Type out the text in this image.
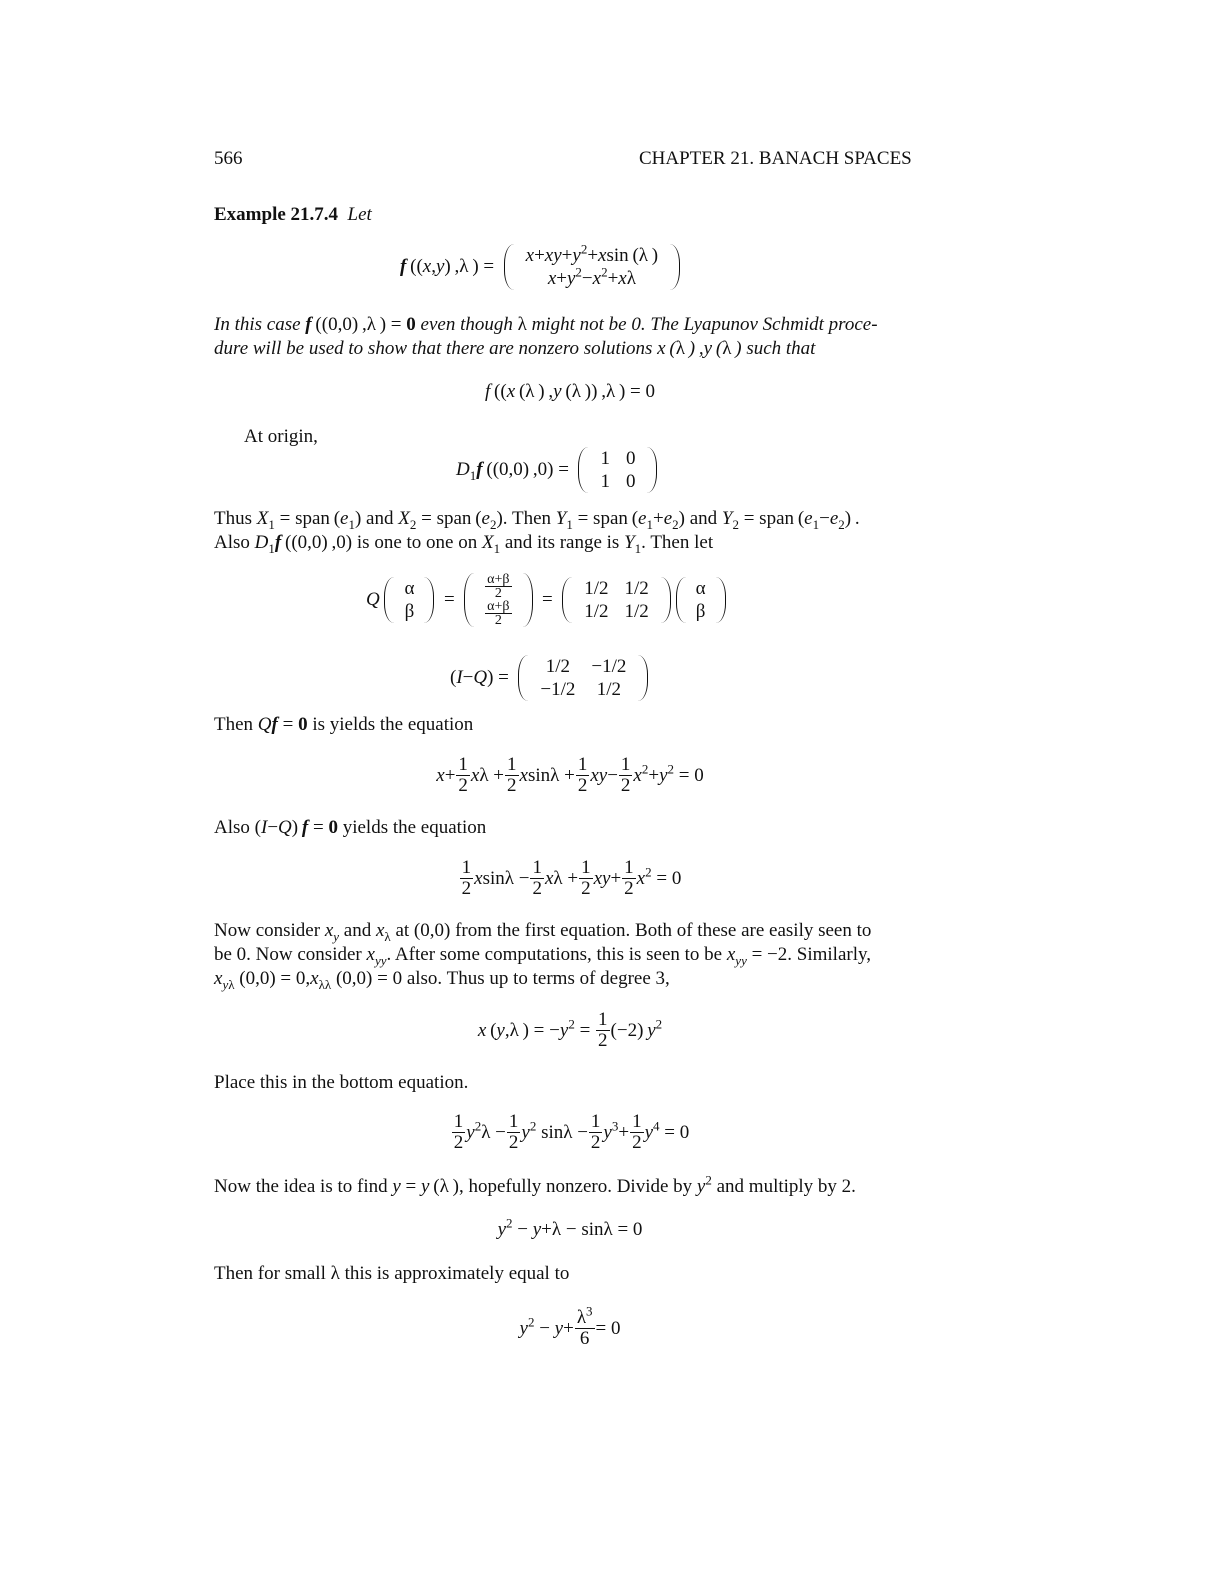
566	CHAPTER 21. BANACH SPACES
Example 21.7.4 Let
f ((x,y) ,λ ) =
$x+xy+y^2+xsin$ (λ )
$x+y^2-x^2+x\lambda$
In this case f ((0,0) ,λ ) = 0 even though λ might not be 0. The Lyapunov Schmidt proce-
dure will be used to show that there are nonzero solutions x (λ ) ,y (λ ) such that
f ((x (λ ) ,y (λ )) ,λ ) = 0
At origin,
$D_1f$ ((0,0) ,0) =
1	0
1	0
Thus $X_1$ = span $(e_1)$ and $X_2$ = span $(e_2)$. Then $Y_1$ = span $(e_1+e_2)$ and $Y_2$ = span $(e_1-e_2)$ .
Also $D_1f$ ((0,0) ,0) is one to one on $X_1$ and its range is $Y_1$. Then let
Q
α
β
= $\frac{\alpha+\beta}{2}$

$\frac{\alpha+\beta}{2}$
=
1/2	1/2
1/2	1/2

α
β
(I−Q) =
1/2	−1/2
−1/2	1/2
Then Qf = 0 is yields the equation
$x+ \frac{1}{2}$ $x\lambda + \frac{1}{2}$ $xsin\lambda + \frac{1}{2} xy- \frac{1}{2} x^2+y^2 = 0$
Also (I−Q) f = 0 yields the equation
$\frac{1}{2}$ $xsin\lambda - \frac{1}{2}$ $x\lambda + \frac{1}{2} xy+ \frac{1}{2} x^2 = 0$
Now consider $x_y$ and $x_\lambda$ at (0,0) from the first equation. Both of these are easily seen to
be 0. Now consider $x_{yy}$. After some computations, this is seen to be $x_{yy} = -2$. Similarly,
$x_{y\lambda}$ $(0,0) = 0,x_{\lambda\lambda}$ (0,0) = 0 also. Thus up to terms of degree 3,
x (y,λ ) = $-y^2 = \frac{1}{2} (-2)$ $y^2$
Place this in the bottom equation.
$\frac{1}{2} y^2\lambda - \frac{1}{2} y^2$ $\sin\lambda - \frac{1}{2} y^3+ \frac{1}{2} y^4 = 0$
Now the idea is to find y = y (λ ), hopefully nonzero. Divide by $y^2$ and multiply by 2.
$y^2 - y+\lambda - \sin\lambda = 0$
Then for small λ this is approximately equal to
$y^2 - y+ \frac{\lambda^3}{6} = 0$
